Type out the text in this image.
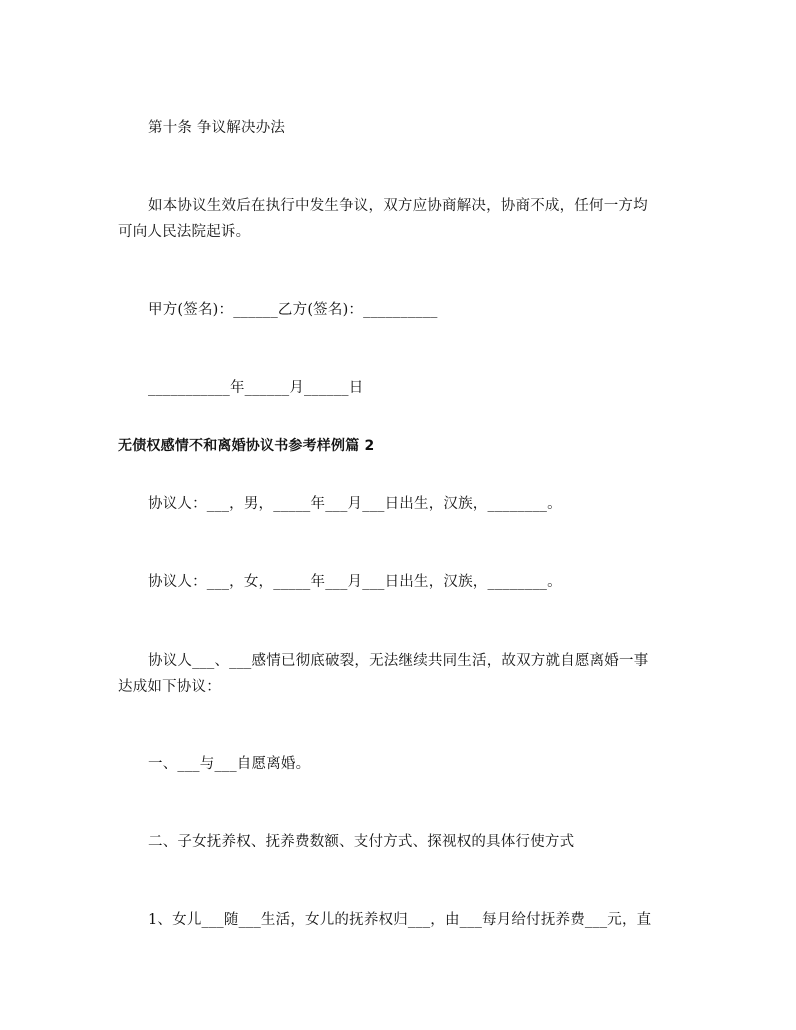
第十条 争议解决办法
如本协议生效后在执行中发生争议，双方应协商解决，协商不成，任何一方均
可向人民法院起诉。
甲方(签名)：______乙方(签名)：__________
___________年______月______日
无债权感情不和离婚协议书参考样例篇 2
协议人：___，男，_____年___月___日出生，汉族，________。
协议人：___，女，_____年___月___日出生，汉族，________。
协议人___、___感情已彻底破裂，无法继续共同生活，故双方就自愿离婚一事
达成如下协议：
一、___与___自愿离婚。
二、子女抚养权、抚养费数额、支付方式、探视权的具体行使方式
1、女儿___随___生活，女儿的抚养权归___，由___每月给付抚养费___元，直
